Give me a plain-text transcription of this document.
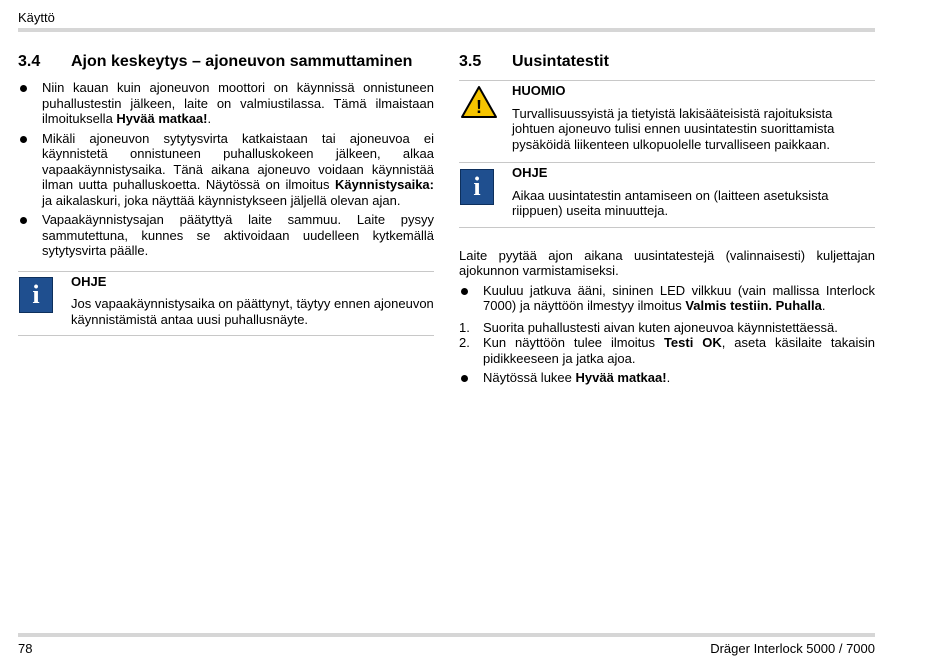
Käyttö
3.4	Ajon keskeytys – ajoneuvon sammuttaminen
Niin kauan kuin ajoneuvon moottori on käynnissä onnistuneen puhallustestin jälkeen, laite on valmiustilassa. Tämä ilmaistaan ilmoituksella Hyvää matkaa!.
Mikäli ajoneuvon sytytysvirta katkaistaan tai ajoneuvoa ei käynnistetä onnistuneen puhalluskokeen jälkeen, alkaa vapaakäynnistysaika. Tänä aikana ajoneuvo voidaan käynnistää ilman uutta puhalluskoetta. Näytössä on ilmoitus Käynnistysaika: ja aikalaskuri, joka näyttää käynnistykseen jäljellä olevan ajan.
Vapaakäynnistysajan päätyttyä laite sammuu. Laite pysyy sammutettuna, kunnes se aktivoidaan uudelleen kytkemällä sytytysvirta päälle.
i OHJE
Jos vapaakäynnistysaika on päättynyt, täytyy ennen ajoneuvon käynnistämistä antaa uusi puhallusnäyte.
3.5	Uusintatestit
!
HUOMIO
Turvallisuussyistä ja tietyistä lakisääteisistä rajoituksista johtuen ajoneuvo tulisi ennen uusintatestin suorittamista pysäköidä liikenteen ulkopuolelle turvalliseen paikkaan.
i OHJE
Aikaa uusintatestin antamiseen on (laitteen asetuksista riippuen) useita minuutteja.

Laite pyytää ajon aikana uusintatestejä (valinnaisesti) kuljettajan ajokunnon varmistamiseksi.

Kuuluu jatkuva ääni, sininen LED vilkkuu (vain mallissa Interlock 7000) ja näyttöön ilmestyy ilmoitus Valmis testiin. Puhalla.
1. Suorita puhallustesti aivan kuten ajoneuvoa käynnistettäessä.
2. Kun näyttöön tulee ilmoitus Testi OK, aseta käsilaite takaisin pidikkeeseen ja jatka ajoa.
Näytössä lukee Hyvää matkaa!.
78	Dräger Interlock 5000 / 7000
